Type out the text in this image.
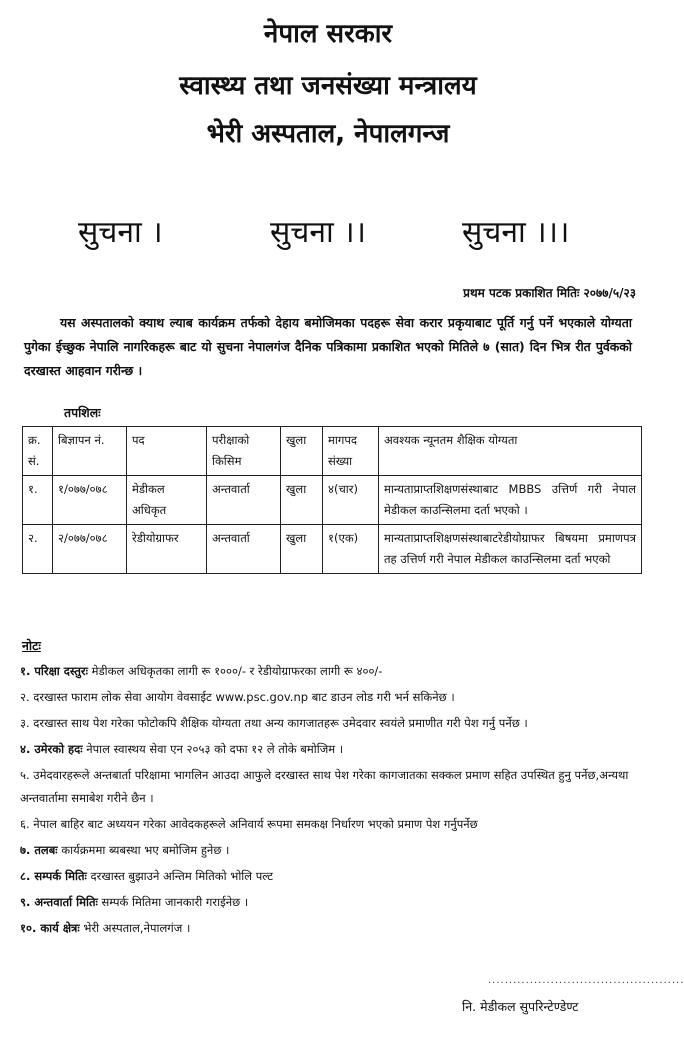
नेपाल सरकार
स्वास्थ्य तथा जनसंख्या मन्त्रालय
भेरी अस्पताल, नेपालगन्ज
सुचना ।	सुचना ।।	सुचना ।।।
प्रथम पटक प्रकाशित मितिः २०७७/५/२३
यस अस्पतालको क्याथ ल्याब कार्यक्रम तर्फको देहाय बमोजिमका पदहरू सेवा करार प्रकृयाबाट पूर्ति गर्नु पर्ने भएकाले योग्यता पुगेका ईच्छुक नेपालि नागरिकहरू बाट यो सुचना नेपालगंज दैनिक पत्रिकामा प्रकाशित भएको मितिले ७ (सात) दिन भित्र रीत पुर्वकको दरखास्त आहवान गरीन्छ ।
तपशिलः
क्र. सं.	बिज्ञापन नं.	पद	परीक्षाको किसिम	खुला	मागपद संख्या	अवश्यक न्यूनतम शैक्षिक योग्यता
१.	१/०७७/०७८	मेडीकल अधिकृत	अन्तवार्ता	खुला	४(चार)	मान्यताप्राप्तशिक्षणसंस्थाबाट MBBS उत्तिर्ण गरी नेपाल मेडीकल काउन्सिलमा दर्ता भएको ।
२.	२/०७७/०७८	रेडीयोग्राफर	अन्तवार्ता	खुला	१(एक)	मान्यताप्राप्तशिक्षणसंस्थाबाटरेडीयोग्राफर बिषयमा प्रमाणपत्र तह उत्तिर्ण गरी नेपाल मेडीकल काउन्सिलमा दर्ता भएको
नोटः
१. परिक्षा दस्तुरः मेडीकल अधिकृतका लागी रू १०००/- र रेडीयोग्राफरका लागी रू ४००/-
२. दरखास्त फाराम लोक सेवा आयोग वेवसाईट www.psc.gov.np बाट डाउन लोड गरी भर्न सकिनेछ ।
३. दरखास्त साथ पेश गरेका फोटोकपि शैक्षिक योग्यता तथा अन्य कागजातहरू उमेदवार स्वयंले प्रमाणीत गरी पेश गर्नु पर्नेछ ।
४. उमेरको हदः नेपाल स्वास्थय सेवा एन २०५३ को दफा १२ ले तोके बमोजिम ।
५. उमेदवारहरूले अन्तबार्ता परिक्षामा भागलिन आउदा आफुले दरखास्त साथ पेश गरेका कागजातका सक्कल प्रमाण सहित उपस्थित हुनु पर्नेछ,अन्यथा अन्तवार्तामा समाबेश गरीने छैन ।
६. नेपाल बाहिर बाट अध्ययन गरेका आवेदकहरूले अनिवार्य रूपमा समकक्ष निर्धारण भएको प्रमाण पेश गर्नुपर्नेछ
७. तलबः कार्यक्रममा ब्यबस्था भए बमोजिम हुनेछ ।
८. सम्पर्क मितिः दरखास्त बुझाउने अन्तिम मितिको भोलि पल्ट
९. अन्तवार्ता मितिः सम्पर्क मितिमा जानकारी गराईनेछ ।
१०. कार्य क्षेत्रः भेरी अस्पताल,नेपालगंज ।
...............................................
नि. मेडीकल सुपरिन्टेण्डेण्ट
